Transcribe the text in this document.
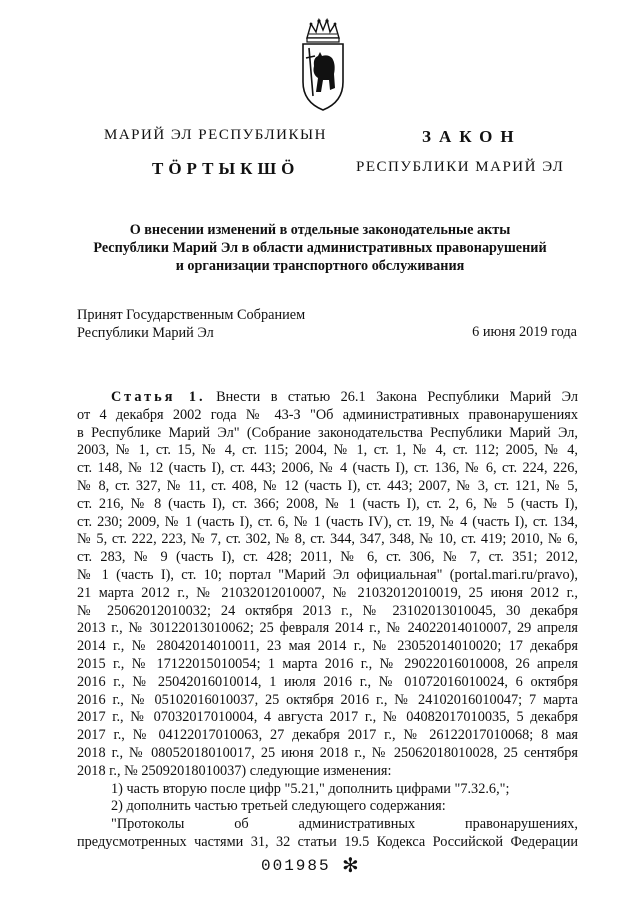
МАРИЙ ЭЛ РЕСПУБЛИКЫН
ТӦРТЫКШӦ
ЗАКОН
РЕСПУБЛИКИ МАРИЙ ЭЛ
О внесении изменений в отдельные законодательные акты
Республики Марий Эл в области административных правонарушений
и организации транспортного обслуживания
Принят Государственным Собранием
Республики Марий Эл	6 июня 2019 года
Статья 1. Внести в статью 26.1 Закона Республики Марий Эл
от 4 декабря 2002 года № 43-З "Об административных правонарушениях
в Республике Марий Эл" (Собрание законодательства Республики Марий Эл,
2003, № 1, ст. 15, № 4, ст. 115; 2004, № 1, ст. 1, № 4, ст. 112; 2005, № 4,
ст. 148, № 12 (часть I), ст. 443; 2006, № 4 (часть I), ст. 136, № 6, ст. 224, 226,
№ 8, ст. 327, № 11, ст. 408, № 12 (часть I), ст. 443; 2007, № 3, ст. 121, № 5,
ст. 216, № 8 (часть I), ст. 366; 2008, № 1 (часть I), ст. 2, 6, № 5 (часть I),
ст. 230; 2009, № 1 (часть I), ст. 6, № 1 (часть IV), ст. 19, № 4 (часть I), ст. 134,
№ 5, ст. 222, 223, № 7, ст. 302, № 8, ст. 344, 347, 348, № 10, ст. 419; 2010, № 6,
ст. 283, № 9 (часть I), ст. 428; 2011, № 6, ст. 306, № 7, ст. 351; 2012,
№ 1 (часть I), ст. 10; портал "Марий Эл официальная" (portal.mari.ru/pravo),
21 марта 2012 г., № 21032012010007, № 21032012010019, 25 июня 2012 г.,
№ 25062012010032; 24 октября 2013 г., № 23102013010045, 30 декабря
2013 г., № 30122013010062; 25 февраля 2014 г., № 24022014010007, 29 апреля
2014 г., № 28042014010011, 23 мая 2014 г., № 23052014010020; 17 декабря
2015 г., № 17122015010054; 1 марта 2016 г., № 29022016010008, 26 апреля
2016 г., № 25042016010014, 1 июля 2016 г., № 01072016010024, 6 октября
2016 г., № 05102016010037, 25 октября 2016 г., № 24102016010047; 7 марта
2017 г., № 07032017010004, 4 августа 2017 г., № 04082017010035, 5 декабря
2017 г., № 04122017010063, 27 декабря 2017 г., № 26122017010068; 8 мая
2018 г., № 08052018010017, 25 июня 2018 г., № 25062018010028, 25 сентября
2018 г., № 25092018010037) следующие изменения:
1) часть вторую после цифр "5.21," дополнить цифрами "7.32.6,";
2) дополнить частью третьей следующего содержания:
"Протоколы об административных правонарушениях,
предусмотренных частями 31, 32 статьи 19.5 Кодекса Российской Федерации
001985 ✻
